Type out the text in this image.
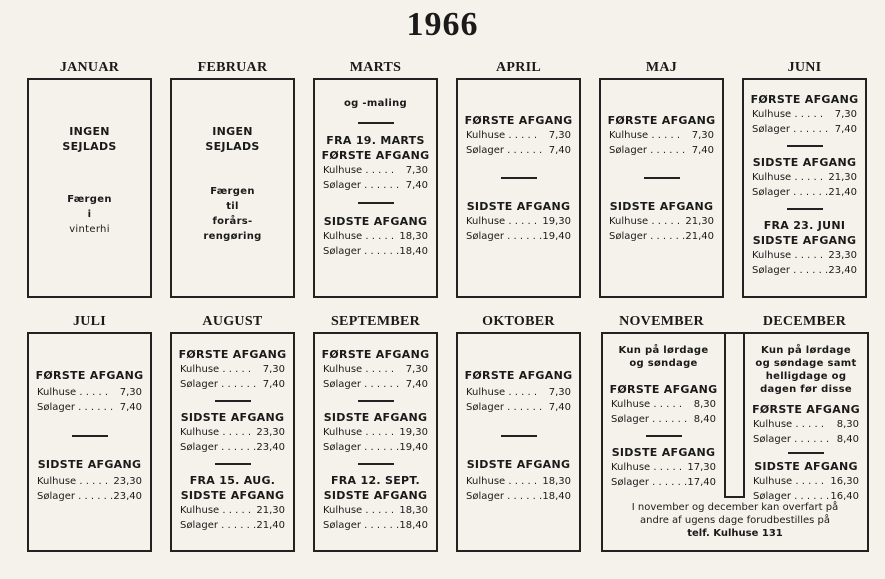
1966
JANUAR	FEBRUAR	MARTS	APRIL	MAJ	JUNI
JULI	AUGUST	SEPTEMBER	OKTOBER	NOVEMBER	DECEMBER
INGEN
SEJLADS
Færgen
i
vinterhi
INGEN
SEJLADS
Færgen
til
forårs-
rengøring
og -maling
FRA 19. MARTS
FØRSTE AFGANG
Kulhuse . . . . . 7,30
Sølager . . . . . . 7,40
SIDSTE AFGANG
Kulhuse . . . . . 18,30
Sølager . . . . . . 18,40
FØRSTE AFGANG
Kulhuse . . . . . 7,30
Sølager . . . . . . 7,40
SIDSTE AFGANG
Kulhuse . . . . . 19,30
Sølager . . . . . . 19,40
FØRSTE AFGANG
Kulhuse . . . . . 7,30
Sølager . . . . . . 7,40
SIDSTE AFGANG
Kulhuse . . . . . 21,30
Sølager . . . . . . 21,40
FØRSTE AFGANG
Kulhuse . . . . . 7,30
Sølager . . . . . . 7,40
SIDSTE AFGANG
Kulhuse . . . . . 21,30
Sølager . . . . . . 21,40
FRA 23. JUNI
SIDSTE AFGANG
Kulhuse . . . . . 23,30
Sølager . . . . . . 23,40
FØRSTE AFGANG
Kulhuse . . . . . 7,30
Sølager . . . . . . 7,40
SIDSTE AFGANG
Kulhuse . . . . . 23,30
Sølager . . . . . . 23,40
FØRSTE AFGANG
Kulhuse . . . . . 7,30
Sølager . . . . . . 7,40
SIDSTE AFGANG
Kulhuse . . . . . 23,30
Sølager . . . . . . 23,40
FRA 15. AUG.
SIDSTE AFGANG
Kulhuse . . . . . 21,30
Sølager . . . . . . 21,40
FØRSTE AFGANG
Kulhuse . . . . . 7,30
Sølager . . . . . . 7,40
SIDSTE AFGANG
Kulhuse . . . . . 19,30
Sølager . . . . . . 19,40
FRA 12. SEPT.
SIDSTE AFGANG
Kulhuse . . . . . 18,30
Sølager . . . . . . 18,40
FØRSTE AFGANG
Kulhuse . . . . . 7,30
Sølager . . . . . . 7,40
SIDSTE AFGANG
Kulhuse . . . . . 18,30
Sølager . . . . . . 18,40
Kun på lørdage
og søndage
FØRSTE AFGANG
Kulhuse . . . . . 8,30
Sølager . . . . . . 8,40
SIDSTE AFGANG
Kulhuse . . . . . 17,30
Sølager . . . . . . 17,40
Kun på lørdage
og søndage samt
helligdage og
dagen før disse
FØRSTE AFGANG
Kulhuse . . . . . 8,30
Sølager . . . . . . 8,40
SIDSTE AFGANG
Kulhuse . . . . . 16,30
Sølager . . . . . . 16,40
I november og december kan overfart på
andre af ugens dage forudbestilles på
telf. Kulhuse 131
